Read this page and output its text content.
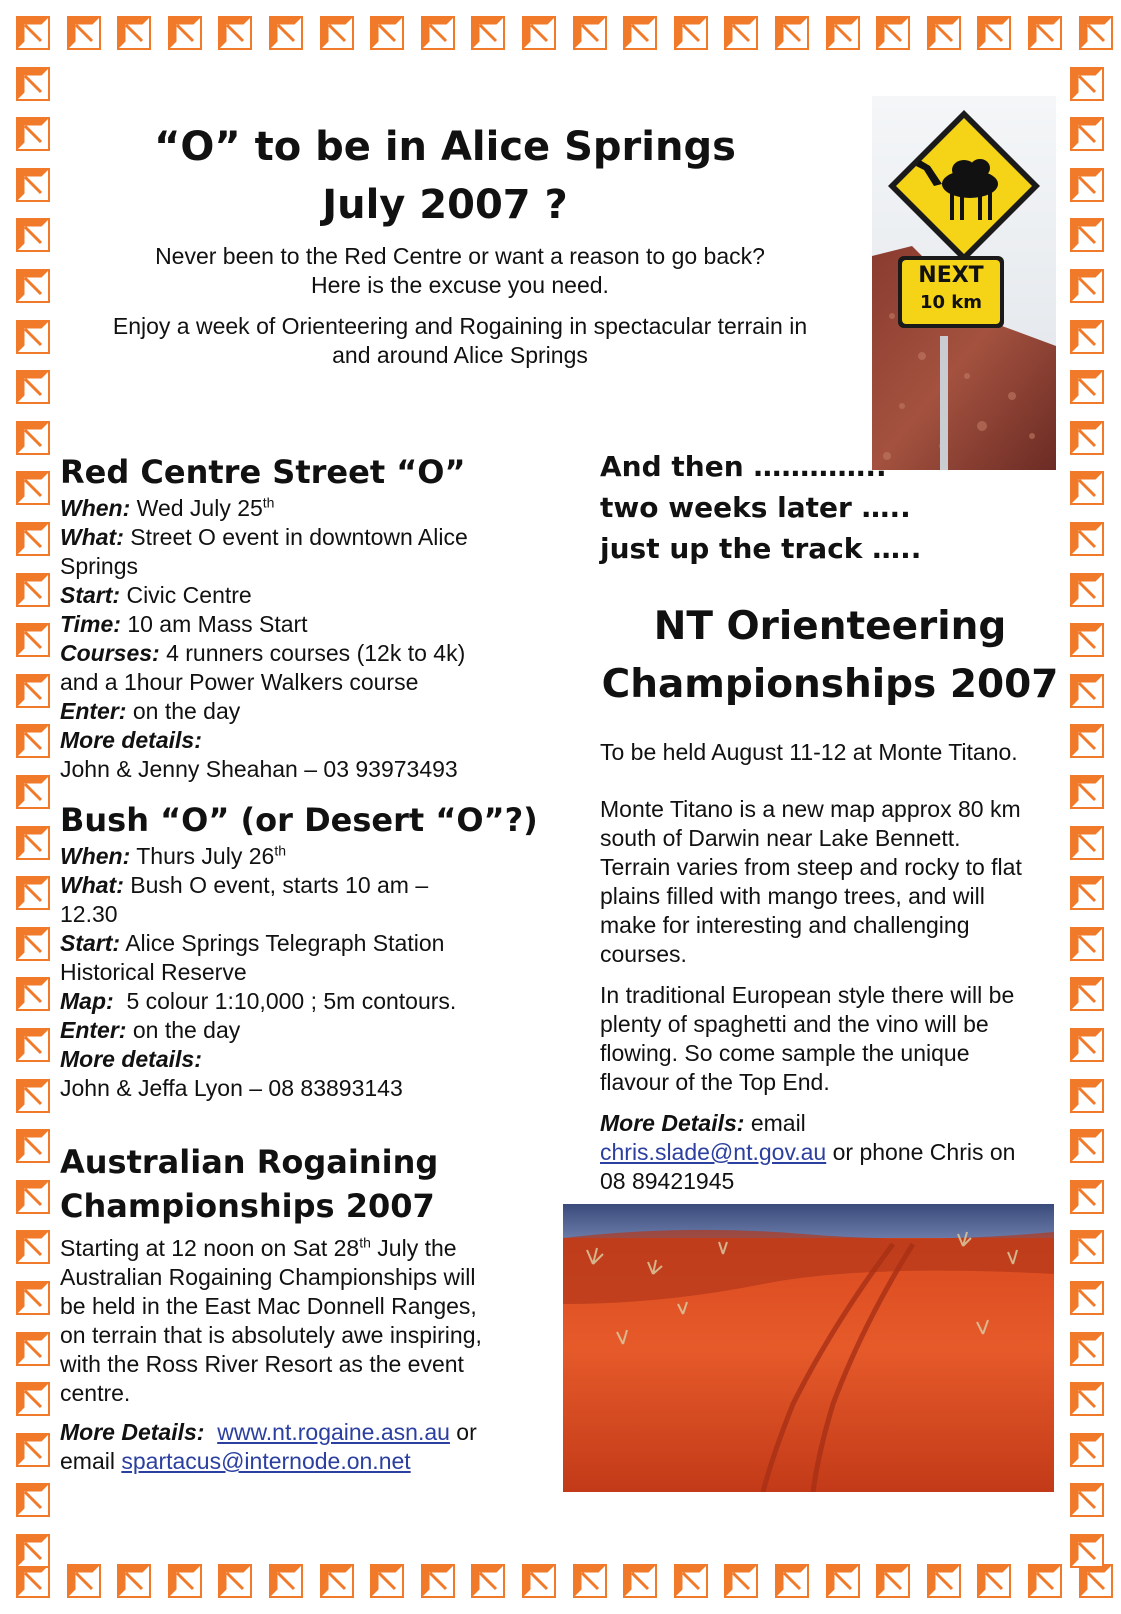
“O” to be in Alice Springs
July 2007 ?

Never been to the Red Centre or want a reason to go back?

Here is the excuse you need.

Enjoy a week of Orienteering and Rogaining in spectacular terrain in

and around Alice Springs

NEXT
10 km

Red Centre Street “O”

When: Wed July 25th

What: Street O event in downtown Alice

Springs

Start: Civic Centre

Time: 10 am Mass Start

Courses: 4 runners courses (12k to 4k)

and a 1hour Power Walkers course

Enter: on the day

More details:

John & Jenny Sheahan – 03 93973493

Bush “O” (or Desert “O”?)

When: Thurs July 26th

What: Bush O event, starts 10 am –

12.30

Start: Alice Springs Telegraph Station

Historical Reserve

Map: 5 colour 1:10,000 ; 5m contours.

Enter: on the day

More details:

John & Jeffa Lyon – 08 83893143

Australian Rogaining

Championships 2007

Starting at 12 noon on Sat 28th July the

Australian Rogaining Championships will

be held in the East Mac Donnell Ranges,

on terrain that is absolutely awe inspiring,

with the Ross River Resort as the event

centre.

More Details: www.nt.rogaine.asn.au or

email spartacus@internode.on.net

And then …………..
two weeks later …..
just up the track …..
NT Orienteering
Championships 2007

To be held August 11-12 at Monte Titano.

Monte Titano is a new map approx 80 km

south of Darwin near Lake Bennett.

Terrain varies from steep and rocky to flat

plains filled with mango trees, and will

make for interesting and challenging

courses.

In traditional European style there will be

plenty of spaghetti and the vino will be

flowing. So come sample the unique

flavour of the Top End.

More Details: email

chris.slade@nt.gov.au or phone Chris on

08 89421945
